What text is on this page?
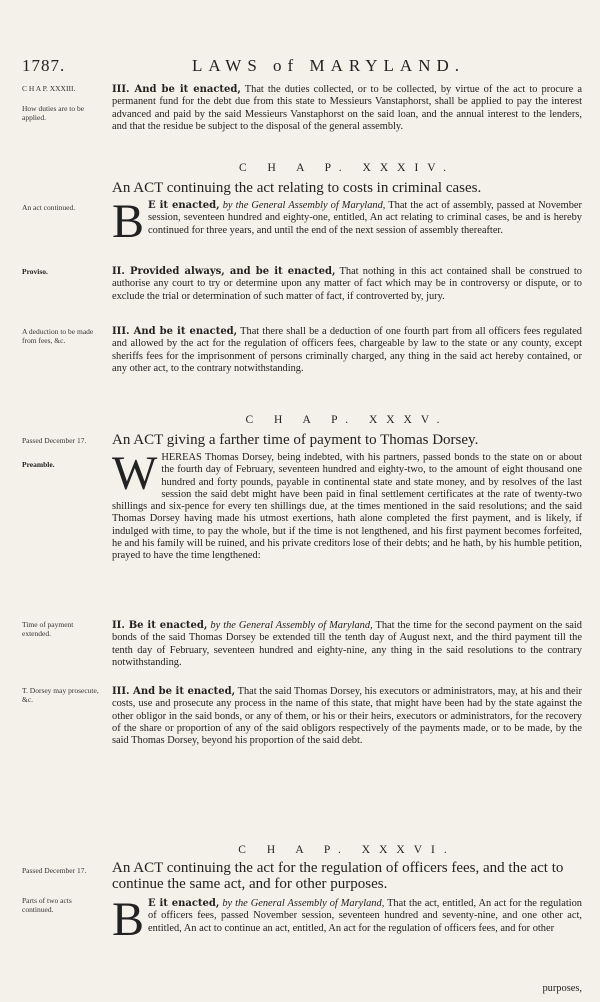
1787.	LAWS of MARYLAND.
C H A P. XXXIII.
How duties are to be applied.
III. And be it enacted, That the duties collected, or to be collected, by virtue of the act to procure a permanent fund for the debt due from this state to Messieurs Vanstaphorst, shall be applied to pay the interest advanced and paid by the said Messieurs Vanstaphorst on the said loan, and the annual interest to the lenders, and that the residue be subject to the disposal of the general assembly.
C H A P. XXXIV.
An ACT continuing the act relating to costs in criminal cases.
An act continued. B E it enacted, by the General Assembly of Maryland, That the act of assembly, passed at November session, seventeen hundred and eighty-one, entitled, An act relating to criminal cases, be and is hereby continued for three years, and until the end of the next session of assembly thereafter.
Proviso.	II. Provided always, and be it enacted, That nothing in this act contained shall be construed to authorise any court to try or determine upon any matter of fact which may be in controversy or dispute, or to exclude the trial or determination of such matter of fact, if controverted by, jury.
A deduction to be made from fees, &c.
III. And be it enacted, That there shall be a deduction of one fourth part from all officers fees regulated and allowed by the act for the regulation of officers fees, chargeable by law to the state or any county, except sheriffs fees for the imprisonment of persons criminally charged, any thing in the said act hereby contained, or any other act, to the contrary notwithstanding.
C H A P. XXXV.
Passed December 17.
Preamble.
An ACT giving a farther time of payment to Thomas Dorsey.
WHEREAS Thomas Dorsey, being indebted, with his partners, passed bonds to the state on or about the fourth day of February, seventeen hundred and eighty-two, to the amount of eight thousand one hundred and forty pounds, payable in continental state and state money, and by resolves of the last session the said debt might have been paid in final settlement certificates at the rate of twenty-two shillings and six-pence for every ten shillings due, at the times mentioned in the said resolutions; and the said Thomas Dorsey having made his utmost exertions, hath alone completed the first payment, and is likely, if indulged with time, to pay the whole, but if the time is not lengthened, and his first payment becomes forfeited, he and his family will be ruined, and his private creditors lose of their debts; and he hath, by his humble petition, prayed to have the time lengthened:
Time of payment extended.
II. Be it enacted, by the General Assembly of Maryland, That the time for the second payment on the said bonds of the said Thomas Dorsey be extended till the tenth day of August next, and the third payment till the tenth day of February, seventeen hundred and eighty-nine, any thing in the said resolutions to the contrary notwithstanding.
T. Dorsey may prosecute, &c.
III. And be it enacted, That the said Thomas Dorsey, his executors or administrators, may, at his and their costs, use and prosecute any process in the name of this state, that might have been had by the state against the other obligor in the said bonds, or any of them, or his or their heirs, executors or administrators, for the recovery of the share or proportion of any of the said obligors respectively of the payments made, or to be made, by the said Thomas Dorsey, beyond his proportion of the said debt.
C H A P. XXXVI.
Passed December 17.
Parts of two acts continued.
An ACT continuing the act for the regulation of officers fees, and the act to continue the same act, and for other purposes.
B E it enacted, by the General Assembly of Maryland, That the act, entitled, An act for the regulation of officers fees, passed November session, seventeen hundred and seventy-nine, and one other act, entitled, An act to continue an act, entitled, An act for the regulation of officers fees, and for other
purposes,
